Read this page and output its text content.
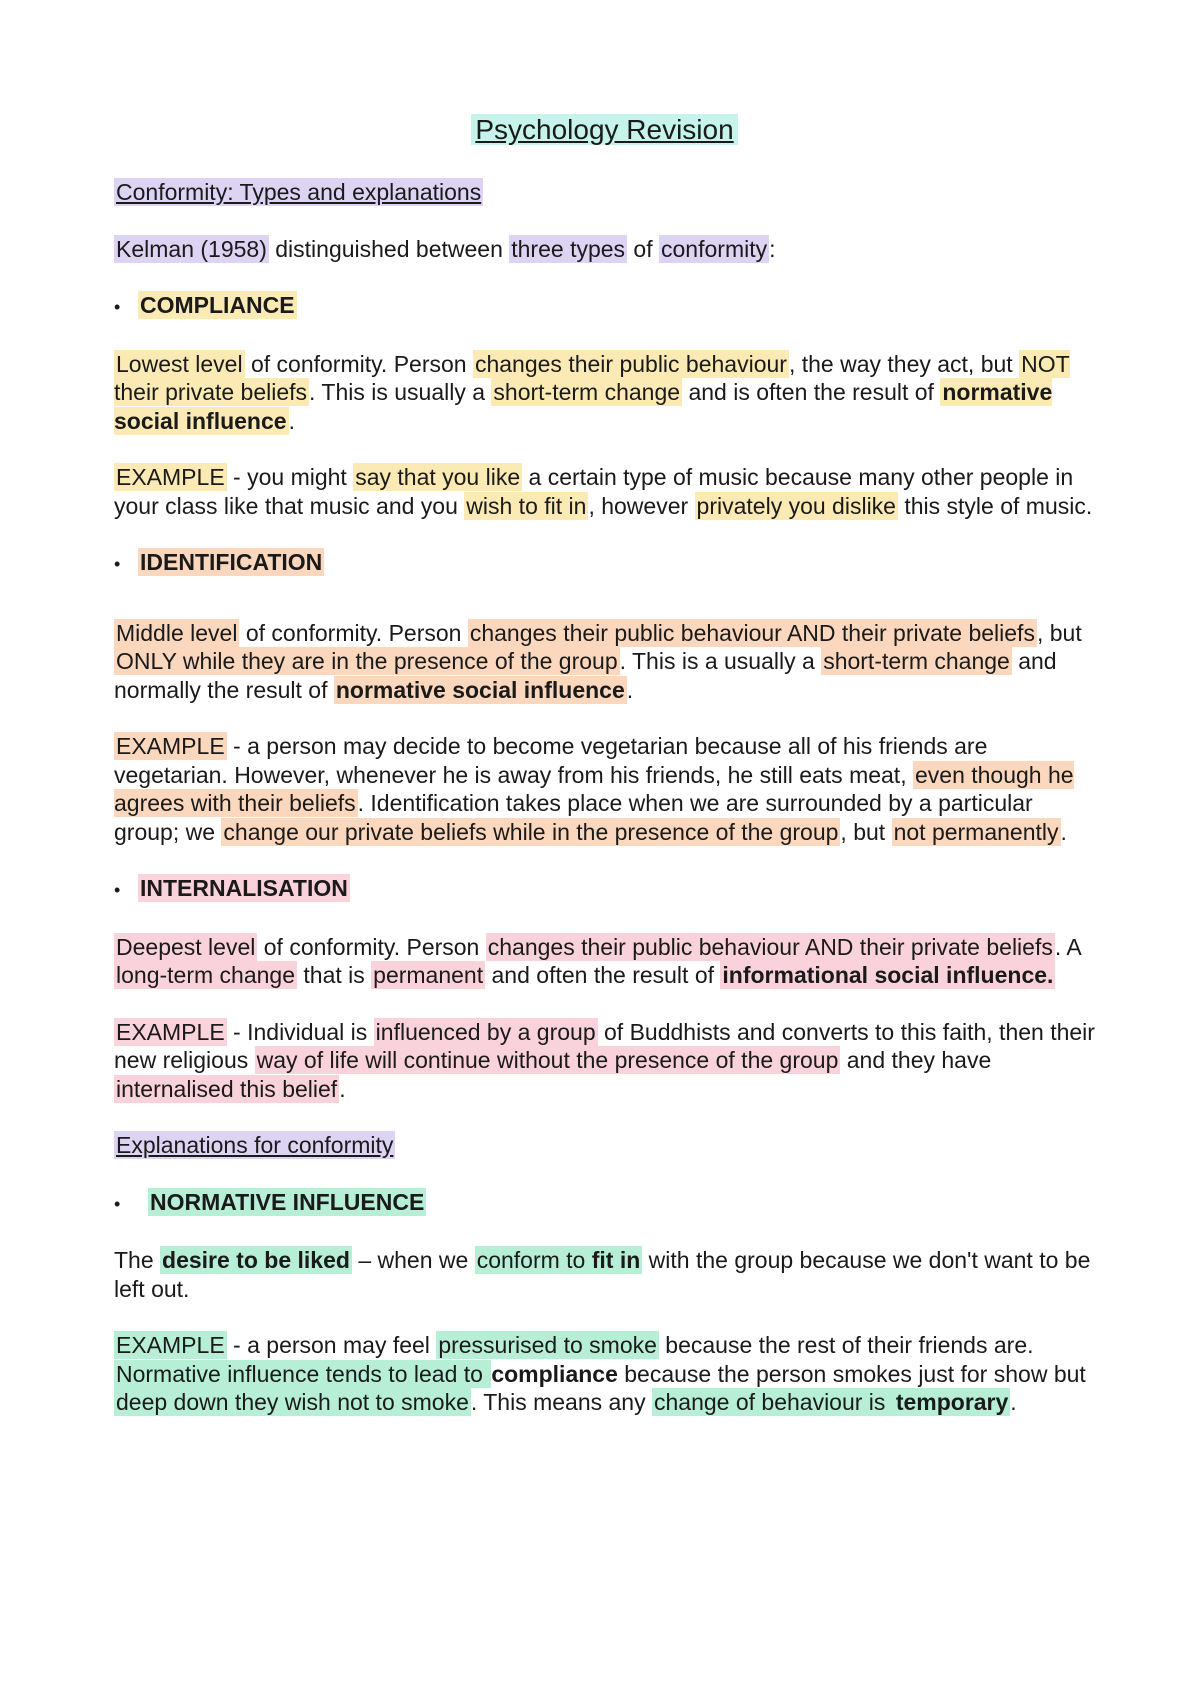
Psychology Revision

Conformity: Types and explanations

Kelman (1958) distinguished between three types of conformity:

• COMPLIANCE

Lowest level of conformity. Person changes their public behaviour, the way they act, but NOT their private beliefs. This is usually a short-term change and is often the result of normative social influence.

EXAMPLE - you might say that you like a certain type of music because many other people in your class like that music and you wish to fit in, however privately you dislike this style of music.

• IDENTIFICATION

Middle level of conformity. Person changes their public behaviour AND their private beliefs, but ONLY while they are in the presence of the group. This is a usually a short-term change and normally the result of normative social influence.

EXAMPLE - a person may decide to become vegetarian because all of his friends are vegetarian. However, whenever he is away from his friends, he still eats meat, even though he agrees with their beliefs. Identification takes place when we are surrounded by a particular group; we change our private beliefs while in the presence of the group, but not permanently.

• INTERNALISATION

Deepest level of conformity. Person changes their public behaviour AND their private beliefs. A long-term change that is permanent and often the result of informational social influence.

EXAMPLE - Individual is influenced by a group of Buddhists and converts to this faith, then their new religious way of life will continue without the presence of the group and they have internalised this belief.

Explanations for conformity

• NORMATIVE INFLUENCE

The desire to be liked – when we conform to fit in with the group because we don't want to be left out.

EXAMPLE - a person may feel pressurised to smoke because the rest of their friends are. Normative influence tends to lead to compliance because the person smokes just for show but deep down they wish not to smoke. This means any change of behaviour is temporary.
